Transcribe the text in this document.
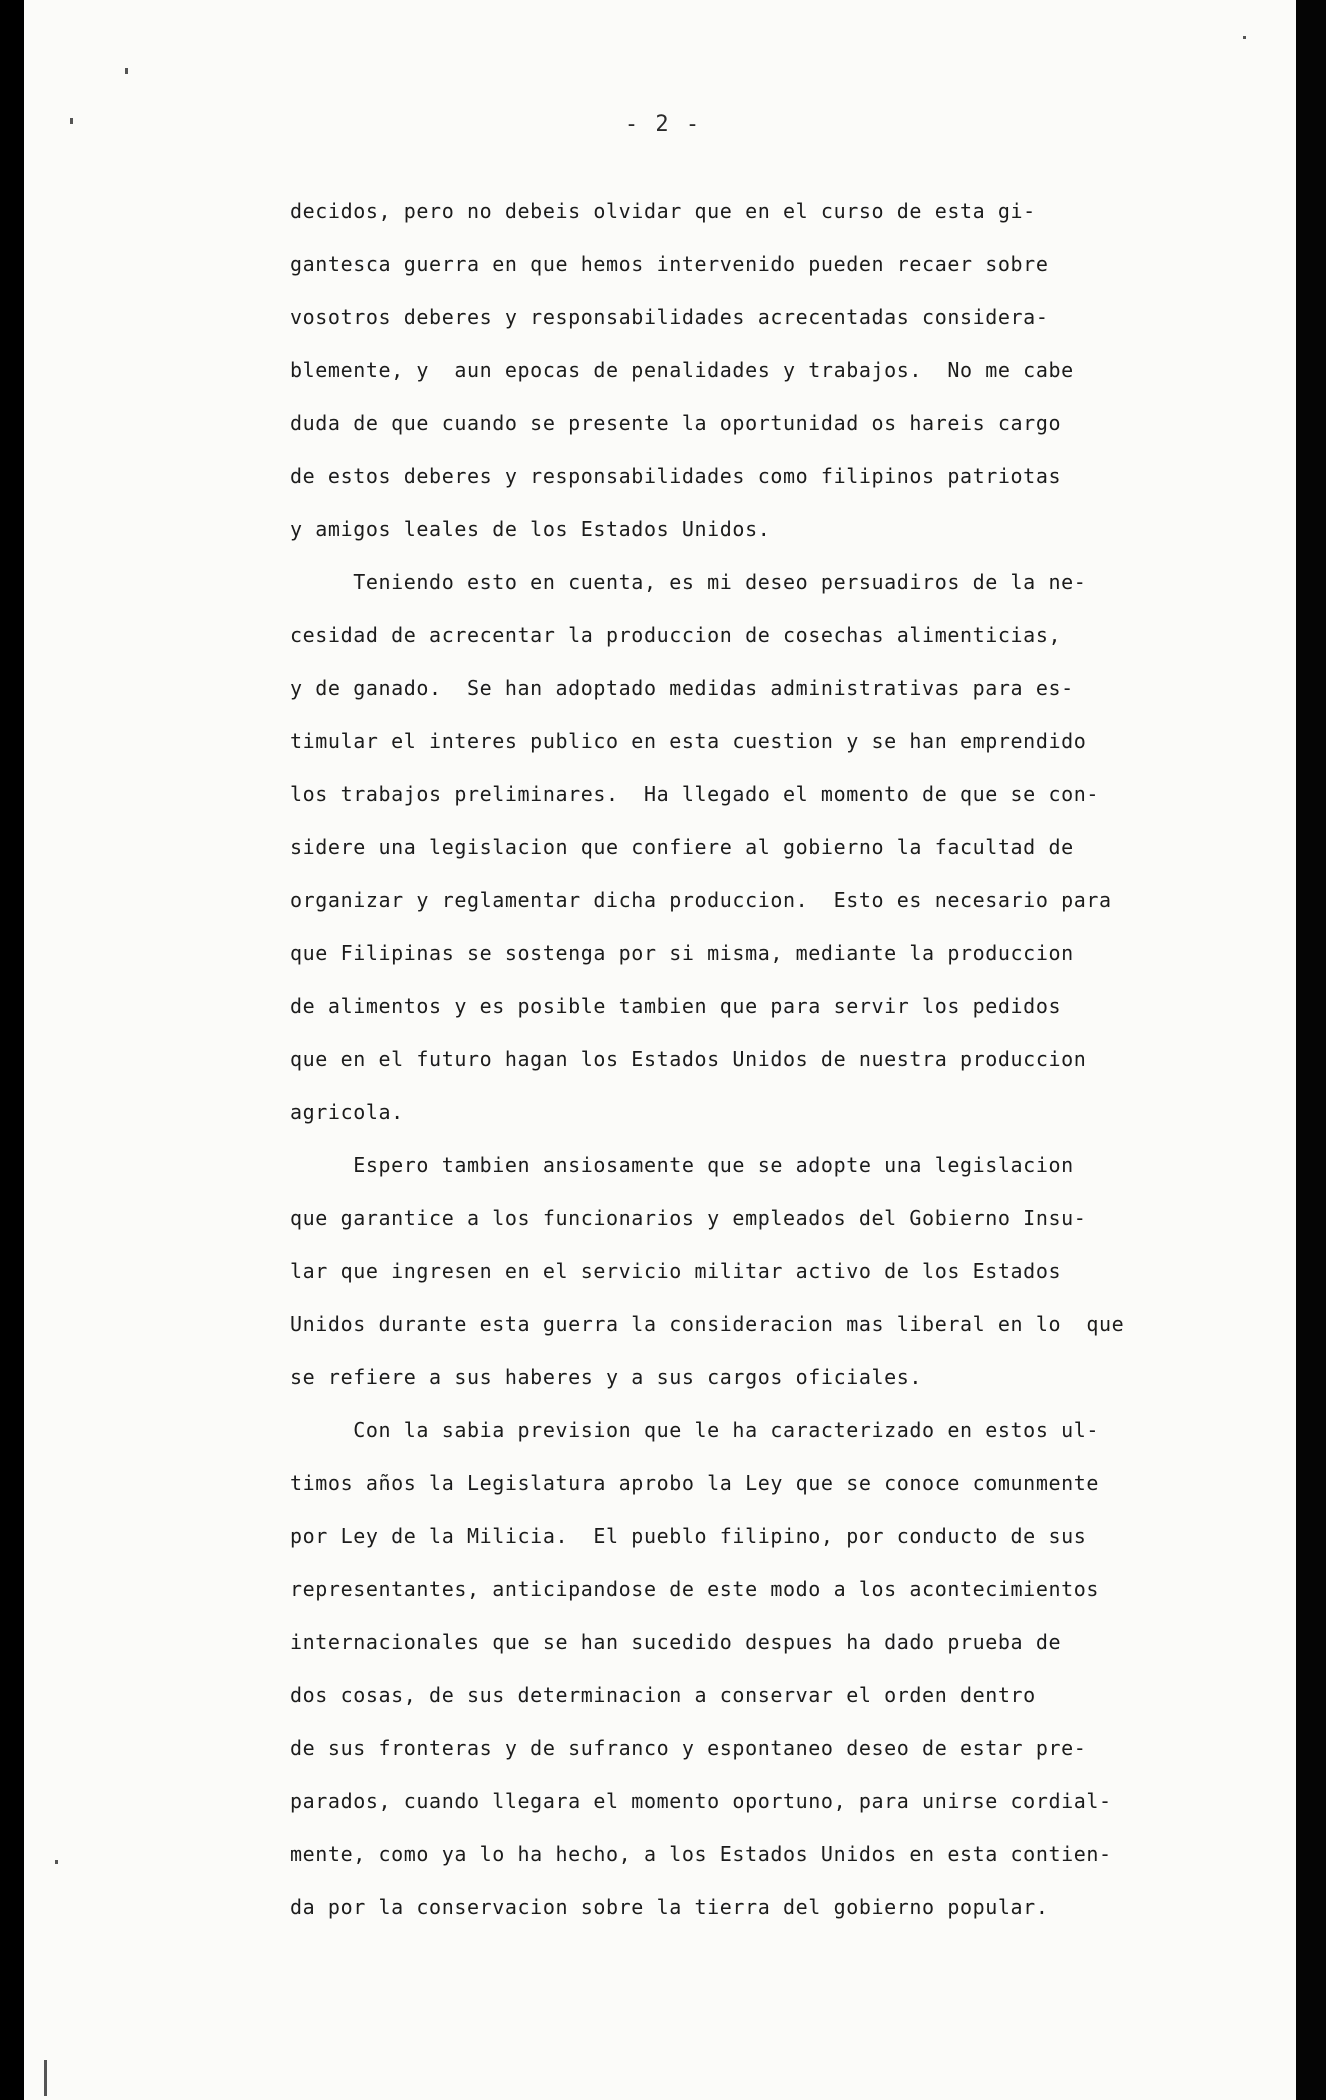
- 2 -
decidos, pero no debeis olvidar que en el curso de esta gi-
gantesca guerra en que hemos intervenido pueden recaer sobre
vosotros deberes y responsabilidades acrecentadas considera-
blemente, y  aun epocas de penalidades y trabajos.  No me cabe
duda de que cuando se presente la oportunidad os hareis cargo
de estos deberes y responsabilidades como filipinos patriotas
y amigos leales de los Estados Unidos.
Teniendo esto en cuenta, es mi deseo persuadiros de la ne-
cesidad de acrecentar la produccion de cosechas alimenticias,
y de ganado.  Se han adoptado medidas administrativas para es-
timular el interes publico en esta cuestion y se han emprendido
los trabajos preliminares.  Ha llegado el momento de que se con-
sidere una legislacion que confiere al gobierno la facultad de
organizar y reglamentar dicha produccion.  Esto es necesario para
que Filipinas se sostenga por si misma, mediante la produccion
de alimentos y es posible tambien que para servir los pedidos
que en el futuro hagan los Estados Unidos de nuestra produccion
agricola.
Espero tambien ansiosamente que se adopte una legislacion
que garantice a los funcionarios y empleados del Gobierno Insu-
lar que ingresen en el servicio militar activo de los Estados
Unidos durante esta guerra la consideracion mas liberal en lo  que
se refiere a sus haberes y a sus cargos oficiales.
Con la sabia prevision que le ha caracterizado en estos ul-
timos años la Legislatura aprobo la Ley que se conoce comunmente
por Ley de la Milicia.  El pueblo filipino, por conducto de sus
representantes, anticipandose de este modo a los acontecimientos
internacionales que se han sucedido despues ha dado prueba de
dos cosas, de sus determinacion a conservar el orden dentro
de sus fronteras y de sufranco y espontaneo deseo de estar pre-
parados, cuando llegara el momento oportuno, para unirse cordial-
mente, como ya lo ha hecho, a los Estados Unidos en esta contien-
da por la conservacion sobre la tierra del gobierno popular.
